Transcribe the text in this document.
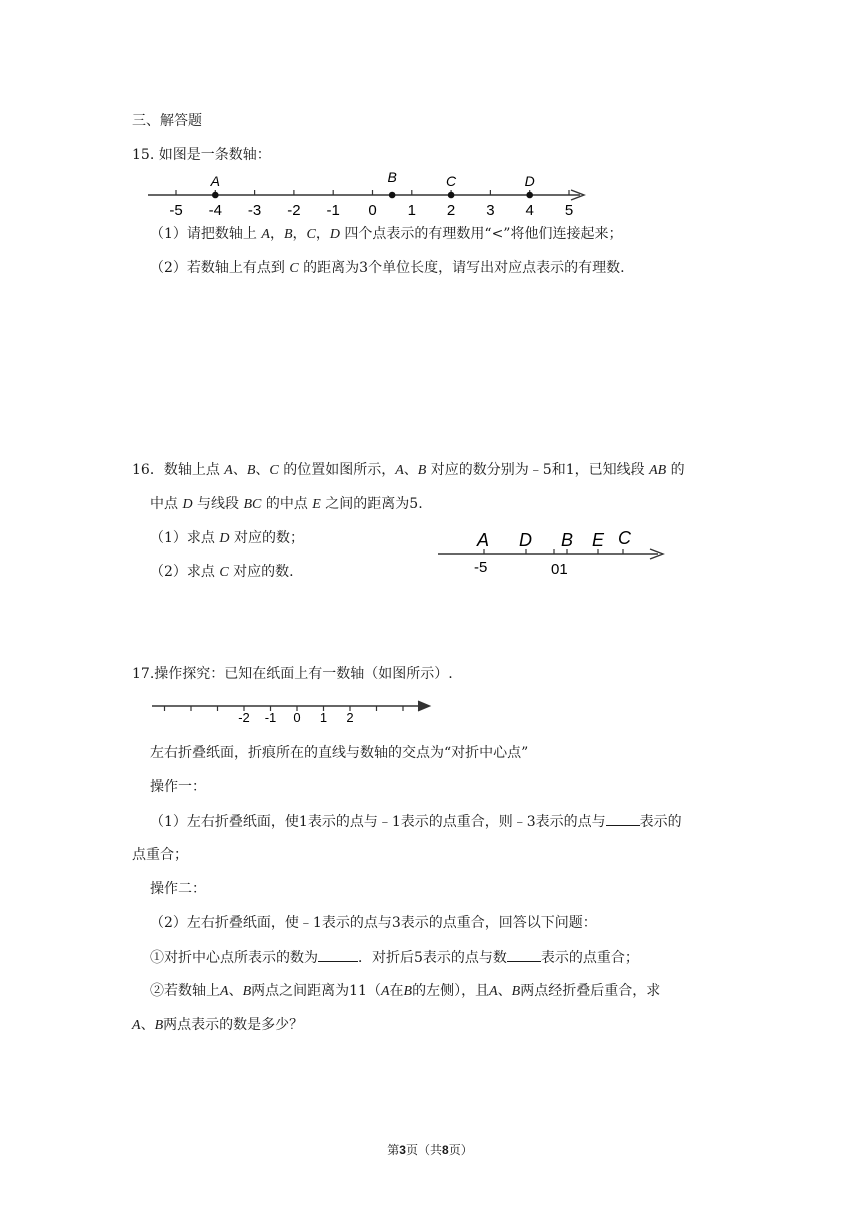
三、解答题
15. 如图是一条数轴：
-5 -4 -3 -2 -1 0 1 2 3 4 5
A	B	C	D
（1）请把数轴上 A，B，C，D 四个点表示的有理数用“<”将他们连接起来；
（2）若数轴上有点到 C 的距离为3个单位长度，请写出对应点表示的有理数.
16．数轴上点 A、B、C 的位置如图所示，A、B 对应的数分别为﹣5和1，已知线段 AB 的
中点 D 与线段 BC 的中点 E 之间的距离为5.
（1）求点 D 对应的数；
（2）求点 C 对应的数.
A D B E C
-5	01
17.操作探究：已知在纸面上有一数轴（如图所示）.
-2 -1 0 1 2
左右折叠纸面，折痕所在的直线与数轴的交点为“对折中心点”
操作一：
（1）左右折叠纸面，使1表示的点与﹣1表示的点重合，则﹣3表示的点与 表示的
点重合；
操作二：
（2）左右折叠纸面，使﹣1表示的点与3表示的点重合，回答以下问题：
①对折中心点所表示的数为	．对折后5表示的点与数 表示的点重合；
②若数轴上A、B两点之间距离为11（A在B的左侧），且A、B两点经折叠后重合，求
A、B两点表示的数是多少？
第3页（共8页）
